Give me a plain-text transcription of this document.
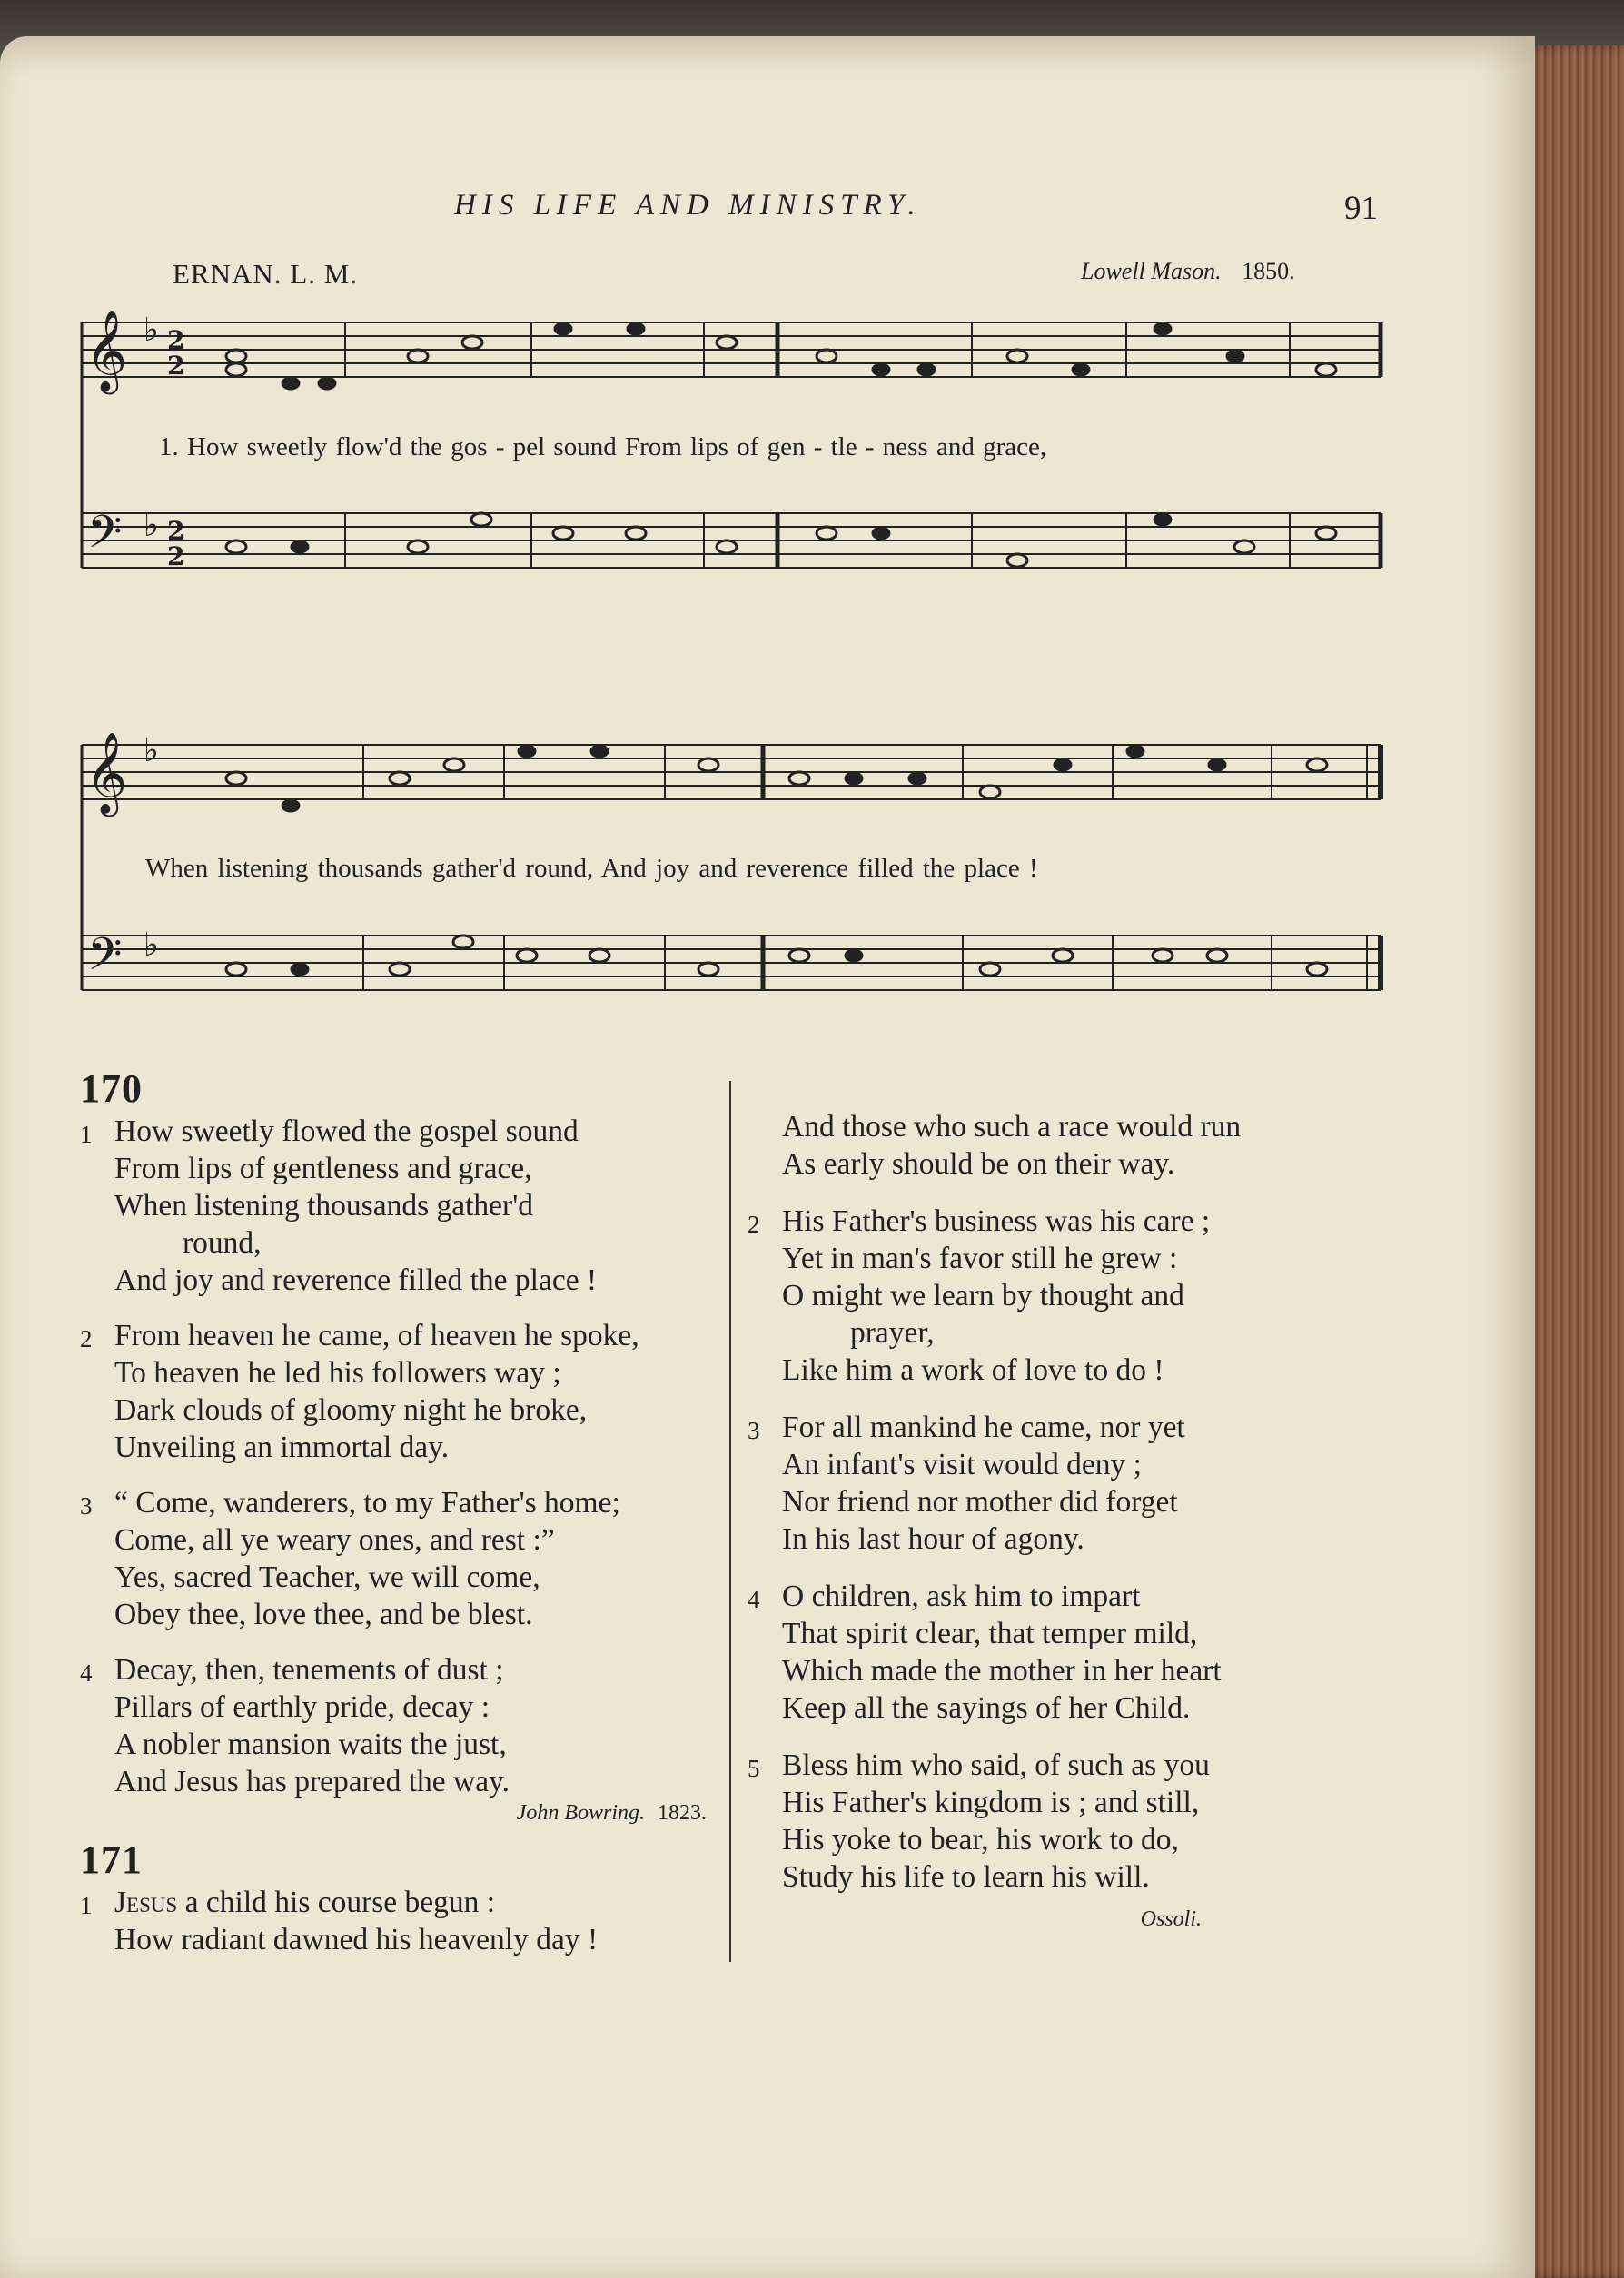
HIS LIFE AND MINISTRY.	91
ERNAN. L. M.	Lowell Mason. 1850.
𝄞
𝄢
𝄞
𝄢
♭
♭
♭
♭
2
2
2
2
1. How sweetly flow'd the gos - pel sound From lips of gen - tle - ness and grace,
When listening thousands gather'd round, And joy and reverence filled the place !
170
1 How sweetly flowed the gospel sound
From lips of gentleness and grace,
When listening thousands gather'd
round,
And joy and reverence filled the place !
2 From heaven he came, of heaven he spoke,
To heaven he led his followers way ;
Dark clouds of gloomy night he broke,
Unveiling an immortal day.
3 “ Come, wanderers, to my Father's home;
Come, all ye weary ones, and rest :”
Yes, sacred Teacher, we will come,
Obey thee, love thee, and be blest.
4 Decay, then, tenements of dust ;
Pillars of earthly pride, decay :
A nobler mansion waits the just,
And Jesus has prepared the way.
John Bowring. 1823.
171
1 Jesus a child his course begun :
How radiant dawned his heavenly day !
And those who such a race would run
As early should be on their way.
2 His Father's business was his care ;
Yet in man's favor still he grew :
O might we learn by thought and
prayer,
Like him a work of love to do !
3 For all mankind he came, nor yet
An infant's visit would deny ;
Nor friend nor mother did forget
In his last hour of agony.
4 O children, ask him to impart
That spirit clear, that temper mild,
Which made the mother in her heart
Keep all the sayings of her Child.
5 Bless him who said, of such as you
His Father's kingdom is ; and still,
His yoke to bear, his work to do,
Study his life to learn his will.
Ossoli.
